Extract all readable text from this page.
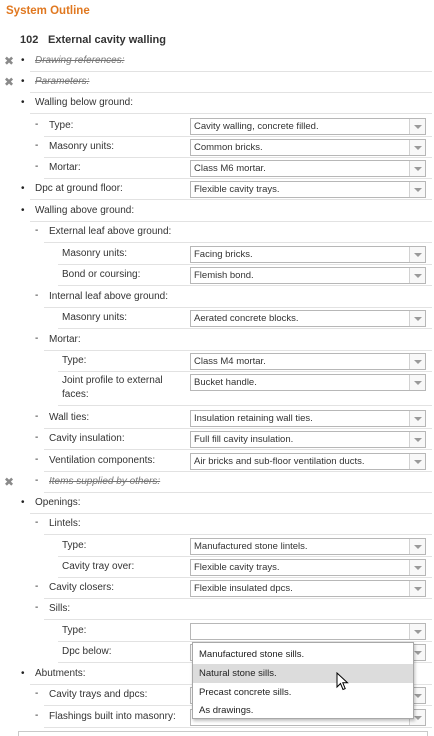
System Outline
102 External cavity walling
✖ • Drawing references:
✖ • Parameters:
• Walling below ground:
- Type:	Cavity walling, concrete filled.
- Masonry units:	Common bricks.
- Mortar:	Class M6 mortar.
• Dpc at ground floor:	Flexible cavity trays.
• Walling above ground:
- External leaf above ground:
Masonry units:	Facing bricks.
Bond or coursing:	Flemish bond.
- Internal leaf above ground:
Masonry units:	Aerated concrete blocks.
- Mortar:
Type:	Class M4 mortar.
Joint profile to external faces:
Bucket handle.
- Wall ties:	Insulation retaining wall ties.
- Cavity insulation:	Full fill cavity insulation.
- Ventilation components:	Air bricks and sub-floor ventilation ducts.
✖ - Items supplied by others:
• Openings:
- Lintels:
Type:	Manufactured stone lintels.
Cavity tray over:	Flexible cavity trays.
- Cavity closers:	Flexible insulated dpcs.
- Sills:
Type:
Dpc below:
• Abutments:
- Cavity trays and dpcs:
- Flashings built into masonry:
Manufactured stone sills.
Natural stone sills.
Precast concrete sills.
As drawings.
